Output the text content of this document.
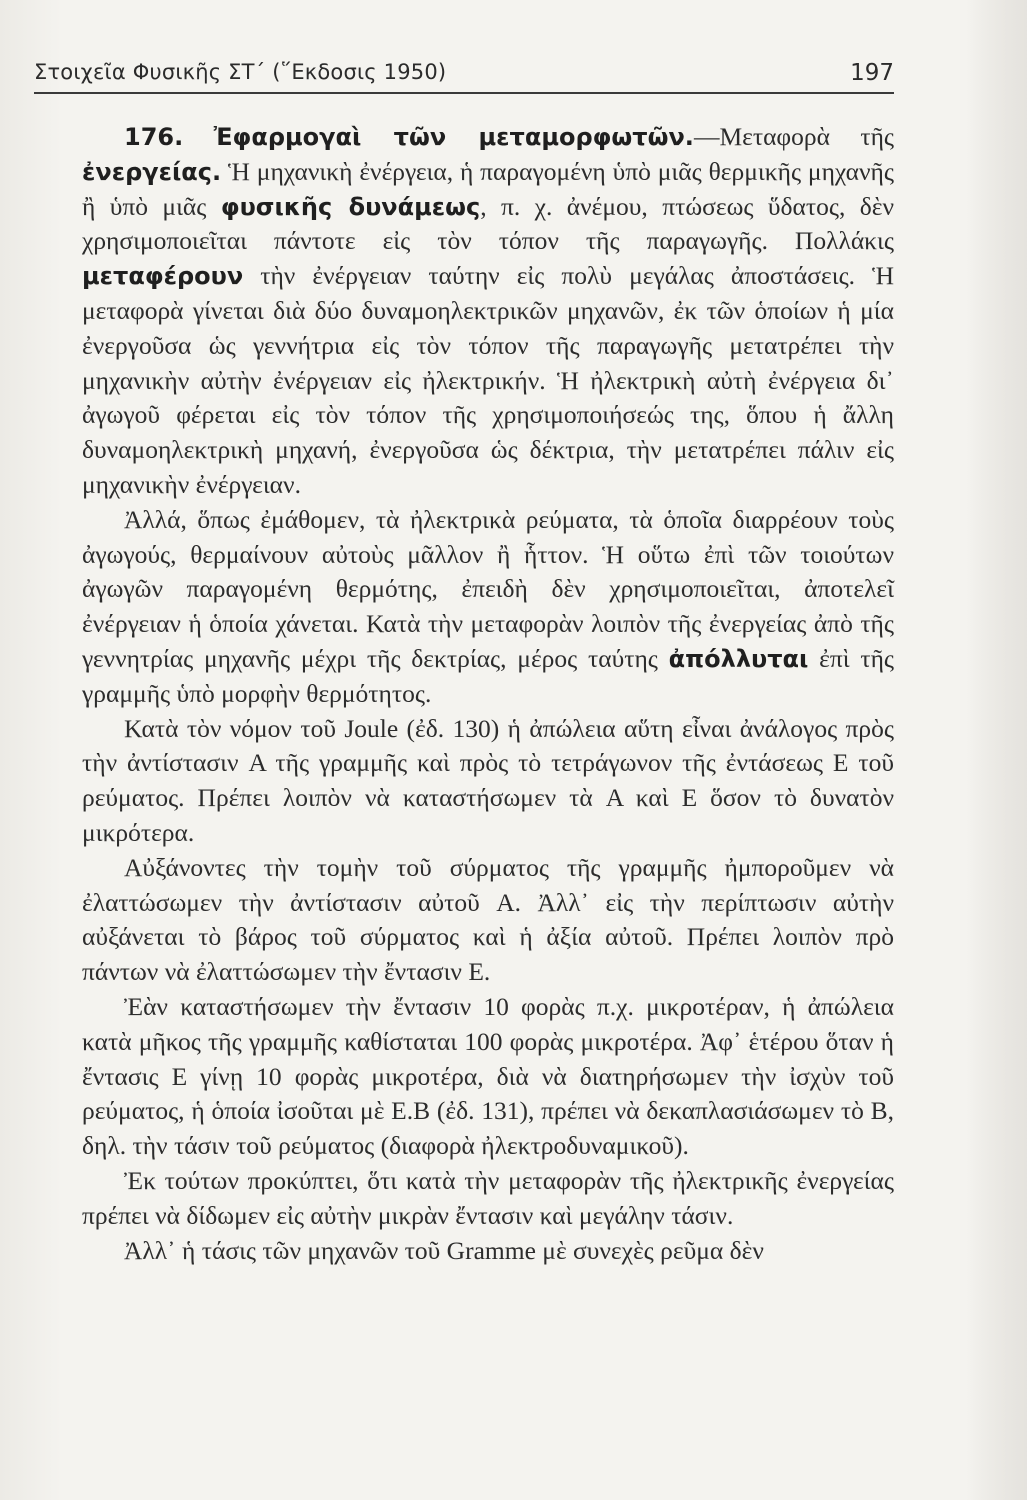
Στοιχεῖα Φυσικῆς ΣΤ΄ (῞Εκδοσις 1950)	197

176. Ἐφαρμογαὶ τῶν μεταμορφωτῶν.—Μεταφορὰ τῆς ἐνεργείας. Ἡ μηχανικὴ ἐνέργεια, ἡ παραγομένη ὑπὸ μιᾶς θερμικῆς μηχανῆς ἢ ὑπὸ μιᾶς φυσικῆς δυνάμεως, π. χ. ἀνέμου, πτώσεως ὕδατος, δὲν χρησιμοποιεῖται πάντοτε εἰς τὸν τόπον τῆς παραγωγῆς. Πολλάκις μεταφέρουν τὴν ἐνέργειαν ταύτην εἰς πολὺ μεγάλας ἀποστάσεις. Ἡ μεταφορὰ γίνεται διὰ δύο δυναμοηλεκτρικῶν μηχανῶν, ἐκ τῶν ὁποίων ἡ μία ἐνεργοῦσα ὡς γεννήτρια εἰς τὸν τόπον τῆς παραγωγῆς μετατρέπει τὴν μηχανικὴν αὐτὴν ἐνέργειαν εἰς ἠλεκτρικήν. Ἡ ἠλεκτρικὴ αὐτὴ ἐνέργεια δι᾿ ἀγωγοῦ φέρεται εἰς τὸν τόπον τῆς χρησιμοποιήσεώς της, ὅπου ἡ ἄλλη δυναμοηλεκτρικὴ μηχανή, ἐνεργοῦσα ὡς δέκτρια, τὴν μετατρέπει πάλιν εἰς μηχανικὴν ἐνέργειαν.

Ἀλλά, ὅπως ἐμάθομεν, τὰ ἠλεκτρικὰ ρεύματα, τὰ ὁποῖα διαρρέουν τοὺς ἀγωγούς, θερμαίνουν αὐτοὺς μᾶλλον ἢ ἧττον. Ἡ οὕτω ἐπὶ τῶν τοιούτων ἀγωγῶν παραγομένη θερμότης, ἐπειδὴ δὲν χρησιμοποιεῖται, ἀποτελεῖ ἐνέργειαν ἡ ὁποία χάνεται. Κατὰ τὴν μεταφορὰν λοιπὸν τῆς ἐνεργείας ἀπὸ τῆς γεννητρίας μηχανῆς μέχρι τῆς δεκτρίας, μέρος ταύτης ἀπόλλυται ἐπὶ τῆς γραμμῆς ὑπὸ μορφὴν θερμότητος.

Κατὰ τὸν νόμον τοῦ Joule (ἐδ. 130) ἡ ἀπώλεια αὕτη εἶναι ἀνάλογος πρὸς τὴν ἀντίστασιν A τῆς γραμμῆς καὶ πρὸς τὸ τετράγωνον τῆς ἐντάσεως E τοῦ ρεύματος. Πρέπει λοιπὸν νὰ καταστήσωμεν τὰ A καὶ E ὅσον τὸ δυνατὸν μικρότερα.

Αὐξάνοντες τὴν τομὴν τοῦ σύρματος τῆς γραμμῆς ἠμποροῦμεν νὰ ἐλαττώσωμεν τὴν ἀντίστασιν αὐτοῦ A. Ἀλλ᾿ εἰς τὴν περίπτωσιν αὐτὴν αὐξάνεται τὸ βάρος τοῦ σύρματος καὶ ἡ ἀξία αὐτοῦ. Πρέπει λοιπὸν πρὸ πάντων νὰ ἐλαττώσωμεν τὴν ἔντασιν E.

Ἐὰν καταστήσωμεν τὴν ἔντασιν 10 φορὰς π.χ. μικροτέραν, ἡ ἀπώλεια κατὰ μῆκος τῆς γραμμῆς καθίσταται 100 φορὰς μικροτέρα. Ἀφ᾿ ἑτέρου ὅταν ἡ ἔντασις E γίνῃ 10 φορὰς μικροτέρα, διὰ νὰ διατηρήσωμεν τὴν ἰσχὺν τοῦ ρεύματος, ἡ ὁποία ἰσοῦται μὲ E.B (ἐδ. 131), πρέπει νὰ δεκαπλασιάσωμεν τὸ B, δηλ. τὴν τάσιν τοῦ ρεύματος (διαφορὰ ἠλεκτροδυναμικοῦ).

Ἐκ τούτων προκύπτει, ὅτι κατὰ τὴν μεταφορὰν τῆς ἠλεκτρικῆς ἐνεργείας πρέπει νὰ δίδωμεν εἰς αὐτὴν μικρὰν ἔντασιν καὶ μεγάλην τάσιν.

Ἀλλ᾿ ἡ τάσις τῶν μηχανῶν τοῦ Gramme μὲ συνεχὲς ρεῦμα δὲν
